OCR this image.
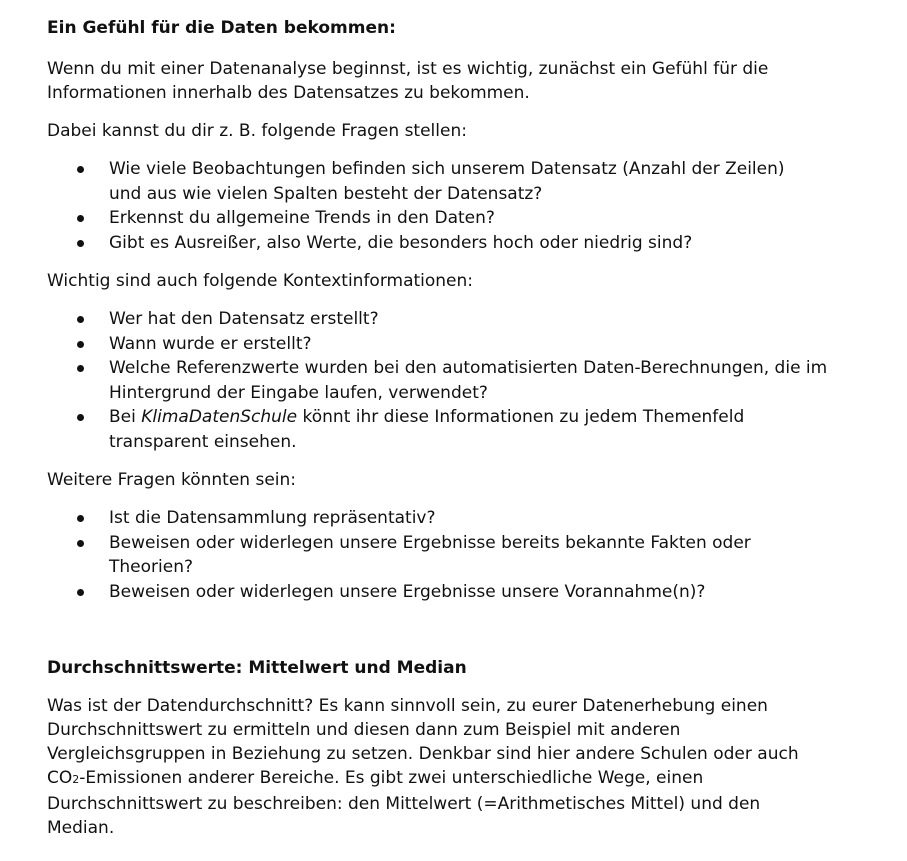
Ein Gefühl für die Daten bekommen:

Wenn du mit einer Datenanalyse beginnst, ist es wichtig, zunächst ein Gefühl für die Informationen innerhalb des Datensatzes zu bekommen.

Dabei kannst du dir z. B. folgende Fragen stellen:

Wie viele Beobachtungen befinden sich unserem Datensatz (Anzahl der Zeilen) und aus wie vielen Spalten besteht der Datensatz?
Erkennst du allgemeine Trends in den Daten?
Gibt es Ausreißer, also Werte, die besonders hoch oder niedrig sind?

Wichtig sind auch folgende Kontextinformationen:

Wer hat den Datensatz erstellt?
Wann wurde er erstellt?
Welche Referenzwerte wurden bei den automatisierten Daten-Berechnungen, die im Hintergrund der Eingabe laufen, verwendet?
Bei KlimaDatenSchule könnt ihr diese Informationen zu jedem Themenfeld transparent einsehen.

Weitere Fragen könnten sein:

Ist die Datensammlung repräsentativ?
Beweisen oder widerlegen unsere Ergebnisse bereits bekannte Fakten oder Theorien?
Beweisen oder widerlegen unsere Ergebnisse unsere Vorannahme(n)?

Durchschnittswerte: Mittelwert und Median

Was ist der Datendurchschnitt? Es kann sinnvoll sein, zu eurer Datenerhebung einen Durchschnittswert zu ermitteln und diesen dann zum Beispiel mit anderen Vergleichsgruppen in Beziehung zu setzen. Denkbar sind hier andere Schulen oder auch CO2-Emissionen anderer Bereiche. Es gibt zwei unterschiedliche Wege, einen Durchschnittswert zu beschreiben: den Mittelwert (=Arithmetisches Mittel) und den Median.
